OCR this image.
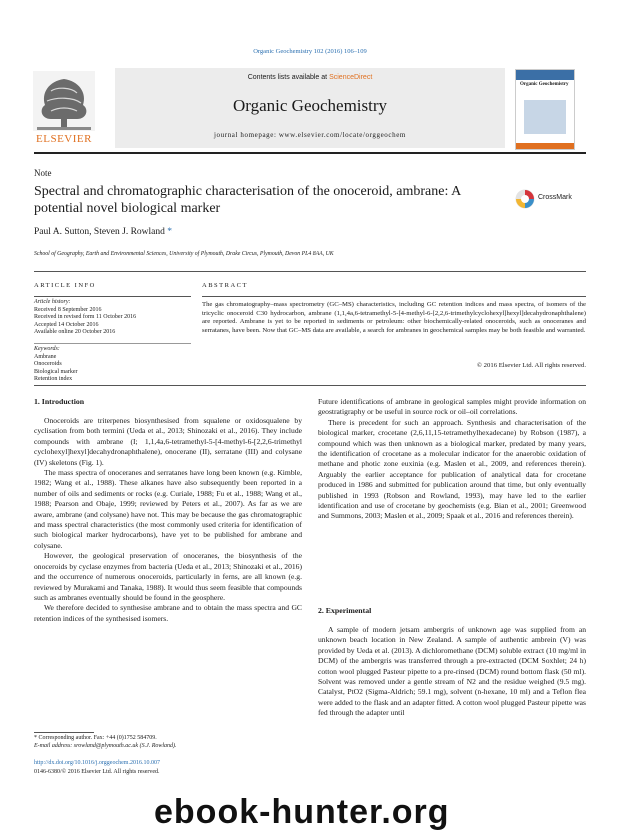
Organic Geochemistry 102 (2016) 106–109
ELSEVIER
Contents lists available at ScienceDirect
Organic Geochemistry
journal homepage: www.elsevier.com/locate/orggeochem
Organic Geochemistry
Note
Spectral and chromatographic characterisation of the onoceroid, ambrane: A potential novel biological marker
CrossMark
Paul A. Sutton, Steven J. Rowland *
School of Geography, Earth and Environmental Sciences, University of Plymouth, Drake Circus, Plymouth, Devon PL4 8AA, UK
ARTICLE INFO
Article history:
Received 8 September 2016
Received in revised form 11 October 2016
Accepted 14 October 2016
Available online 20 October 2016
Keywords:
Ambrane
Onoceroids
Biological marker
Retention index
ABSTRACT
The gas chromatography–mass spectrometry (GC–MS) characteristics, including GC retention indices and mass spectra, of isomers of the tricyclic onoceroid C30 hydrocarbon, ambrane (1,1,4a,6-tetramethyl-5-[4-methyl-6-[2,2,6-trimethylcyclohexyl]hexyl]decahydronaphthalene) are reported. Ambrane is yet to be reported in sediments or petroleum: other biochemically-related onoceroids, such as onoceranes and serratanes, have been. Now that GC–MS data are available, a search for ambranes in geochemical samples may be both feasible and warranted.
© 2016 Elsevier Ltd. All rights reserved.
1. Introduction

Onoceroids are triterpenes biosynthesised from squalene or oxidosqualene by cyclisation from both termini (Ueda et al., 2013; Shinozaki et al., 2016). They include compounds with ambrane (I; 1,1,4a,6-tetramethyl-5-[4-methyl-6-[2,2,6-trimethyl cyclohexyl]hexyl]decahydronaphthalene), onocerane (II), serratane (III) and colysane (IV) skeletons (Fig. 1).

The mass spectra of onoceranes and serratanes have long been known (e.g. Kimble, 1982; Wang et al., 1988). These alkanes have also subsequently been reported in a number of oils and sediments or rocks (e.g. Curiale, 1988; Fu et al., 1988; Wang et al., 1988; Pearson and Obaje, 1999; reviewed by Peters et al., 2007). As far as we are aware, ambrane (and colysane) have not. This may be because the gas chromatographic and mass spectral characteristics (the most commonly used criteria for identification of such biological marker hydrocarbons), have yet to be published for ambrane and colysane.

However, the geological preservation of onoceranes, the biosynthesis of the onoceroids by cyclase enzymes from bacteria (Ueda et al., 2013; Shinozaki et al., 2016) and the occurrence of numerous onoceroids, particularly in ferns, are all known (e.g. reviewed by Murakami and Tanaka, 1988). It would thus seem feasible that compounds such as ambranes eventually should be found in the geosphere.

We therefore decided to synthesise ambrane and to obtain the mass spectra and GC retention indices of the synthesised isomers.

Future identifications of ambrane in geological samples might provide information on geostratigraphy or be useful in source rock or oil–oil correlations.

There is precedent for such an approach. Synthesis and characterisation of the biological marker, crocetane (2,6,11,15-tetramethylhexadecane) by Robson (1987), a compound which was then unknown as a biological marker, predated by many years, the identification of crocetane as a molecular indicator for the anaerobic oxidation of methane and photic zone euxinia (e.g. Maslen et al., 2009, and references therein). Arguably the earlier acceptance for publication of analytical data for crocetane produced in 1986 and submitted for publication around that time, but only eventually published in 1993 (Robson and Rowland, 1993), may have led to the earlier identification and use of crocetane by geochemists (e.g. Bian et al., 2001; Greenwood and Summons, 2003; Maslen et al., 2009; Spaak et al., 2016 and references therein).

2. Experimental

A sample of modern jetsam ambergris of unknown age was supplied from an unknown beach location in New Zealand. A sample of authentic ambrein (V) was provided by Ueda et al. (2013). A dichloromethane (DCM) soluble extract (10 mg/ml in DCM) of the ambergris was transferred through a pre-extracted (DCM Soxhlet; 24 h) cotton wool plugged Pasteur pipette to a pre-rinsed (DCM) round bottom flask (50 ml). Solvent was removed under a gentle stream of N2 and the residue weighed (9.5 mg). Catalyst, PtO2 (Sigma-Aldrich; 59.1 mg), solvent (n-hexane, 10 ml) and a Teflon flea were added to the flask and an adapter fitted. A cotton wool plugged Pasteur pipette was fed through the adapter until

* Corresponding author. Fax: +44 (0)1752 584709.
E-mail address: srowland@plymouth.ac.uk (S.J. Rowland).
http://dx.doi.org/10.1016/j.orggeochem.2016.10.007
0146-6380/© 2016 Elsevier Ltd. All rights reserved.
ebook-hunter.org
